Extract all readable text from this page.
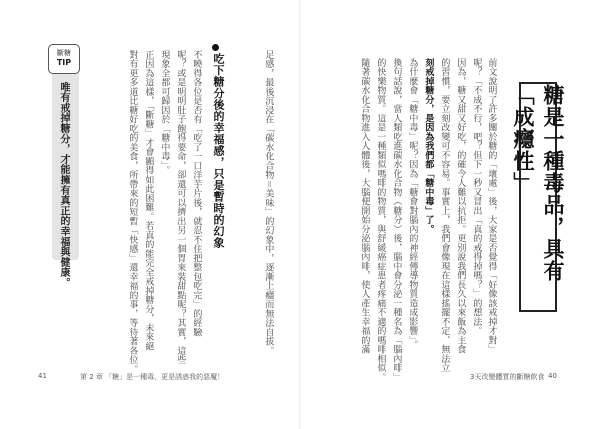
糖是一種毒品，具有「成癮性」
前文說明了許多關於糖的「壞處」後，大家是否覺得「好像該戒掉才對」
呢？「不成不行，吧？但下一秒又冒出「真的戒得掉嗎？」的想法。
因為，糖又甜又好吃，的確令人難以抗拒。更別說我們長久以來飯為主食
的習慣，要立刻改變可不容易。事實上，我們會像現在這樣搖擺不定、無法立
刻戒掉糖分，是因為我們都「糖中毒」了。
為什麼會「糖中毒」呢？因為「糖會對腦內的神經傳導物質造成影響」。
換句話說，當人類吃進碳水化合物（糖分）後，腦中會分泌一種名為「腦內啡」
的快樂物質。這是一種類似嗎啡的物質，與舒緩癌症患者疼痛不適的嗎啡相似。
隨著碳水化合物進入人體後，大腦便開始分泌腦內啡，使人產生幸福的滿
3天改變體質的斷糖飲食 40
足感，最後沉浸在「碳水化合物＝美味」的幻象中，逐漸上癮而無法自拔。
吃下糖分後的幸福感，只是暫時的幻象
不曉得各位是否有「吃了一口洋芋片後，就忍不住把整包吃完」的經驗
呢？或是明明肚子飽得要命，卻還可以擠出另一個胃來裝甜點呢？其實，這些
現象全都可歸因於「糖中毒」。
正因為這樣，「斷糖」才會顯得如此困難。若真的能完全戒掉糖分，未來絕
對有更多道比糖好吃的美食，所帶來的短暫「快感」還幸福的事，等待著各位。
斷糖
TIP
唯有戒掉糖分，才能擁有真正的幸福與健康。
41	第 2 章 「糖」是一種毒，更是誘惑我的惡魔！
